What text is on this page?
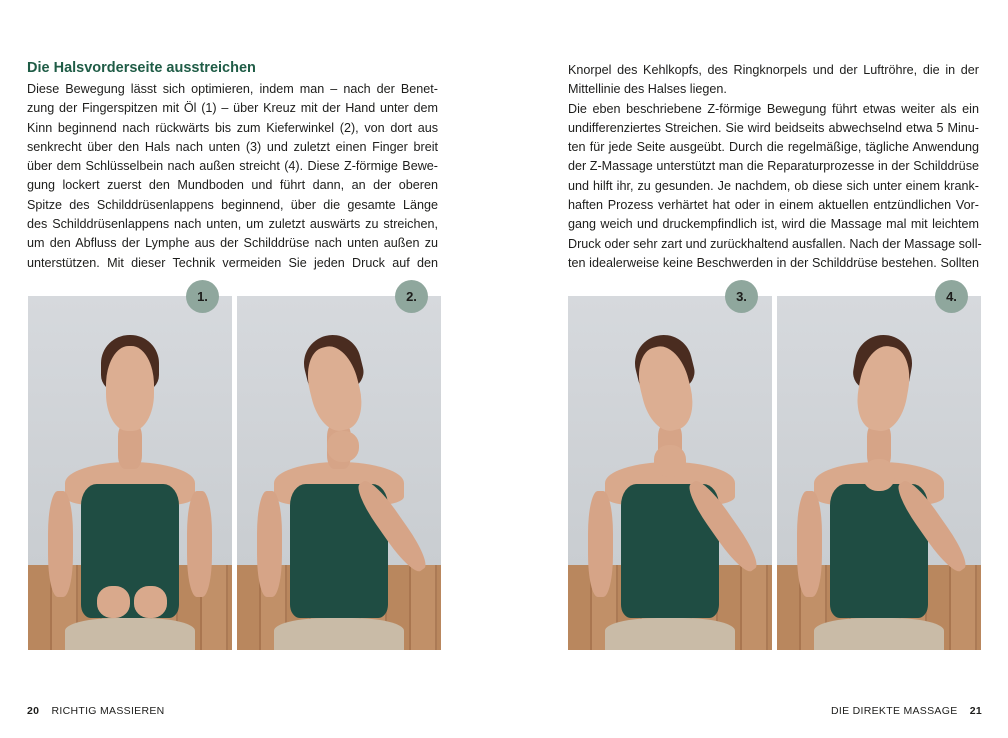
Die Halsvorderseite ausstreichen
Diese Bewegung lässt sich optimieren, indem man – nach der Benet-
zung der Fingerspitzen mit Öl (1) – über Kreuz mit der Hand unter dem
Kinn beginnend nach rückwärts bis zum Kieferwinkel (2), von dort aus
senkrecht über den Hals nach unten (3) und zuletzt einen Finger breit
über dem Schlüsselbein nach außen streicht (4). Diese Z-förmige Bewe-
gung lockert zuerst den Mundboden und führt dann, an der oberen
Spitze des Schilddrüsenlappens beginnend, über die gesamte Länge
des Schilddrüsenlappens nach unten, um zuletzt auswärts zu streichen,
um den Abfluss der Lymphe aus der Schilddrüse nach unten außen zu
unterstützen. Mit dieser Technik vermeiden Sie jeden Druck auf den
Knorpel des Kehlkopfs, des Ringknorpels und der Luftröhre, die in der
Mittellinie des Halses liegen.
Die eben beschriebene Z-förmige Bewegung führt etwas weiter als ein
undifferenziertes Streichen. Sie wird beidseits abwechselnd etwa 5 Minu-
ten für jede Seite ausgeübt. Durch die regelmäßige, tägliche Anwendung
der Z-Massage unterstützt man die Reparaturprozesse in der Schilddrüse
und hilft ihr, zu gesunden. Je nachdem, ob diese sich unter einem krank-
haften Prozess verhärtet hat oder in einem aktuellen entzündlichen Vor-
gang weich und druckempfindlich ist, wird die Massage mal mit leichtem
Druck oder sehr zart und zurückhaltend ausfallen. Nach der Massage soll-
ten idealerweise keine Beschwerden in der Schilddrüse bestehen. Sollten
1.	2.	3.	4.
20 RICHTIG MASSIEREN	DIE DIREKTE MASSAGE 21
